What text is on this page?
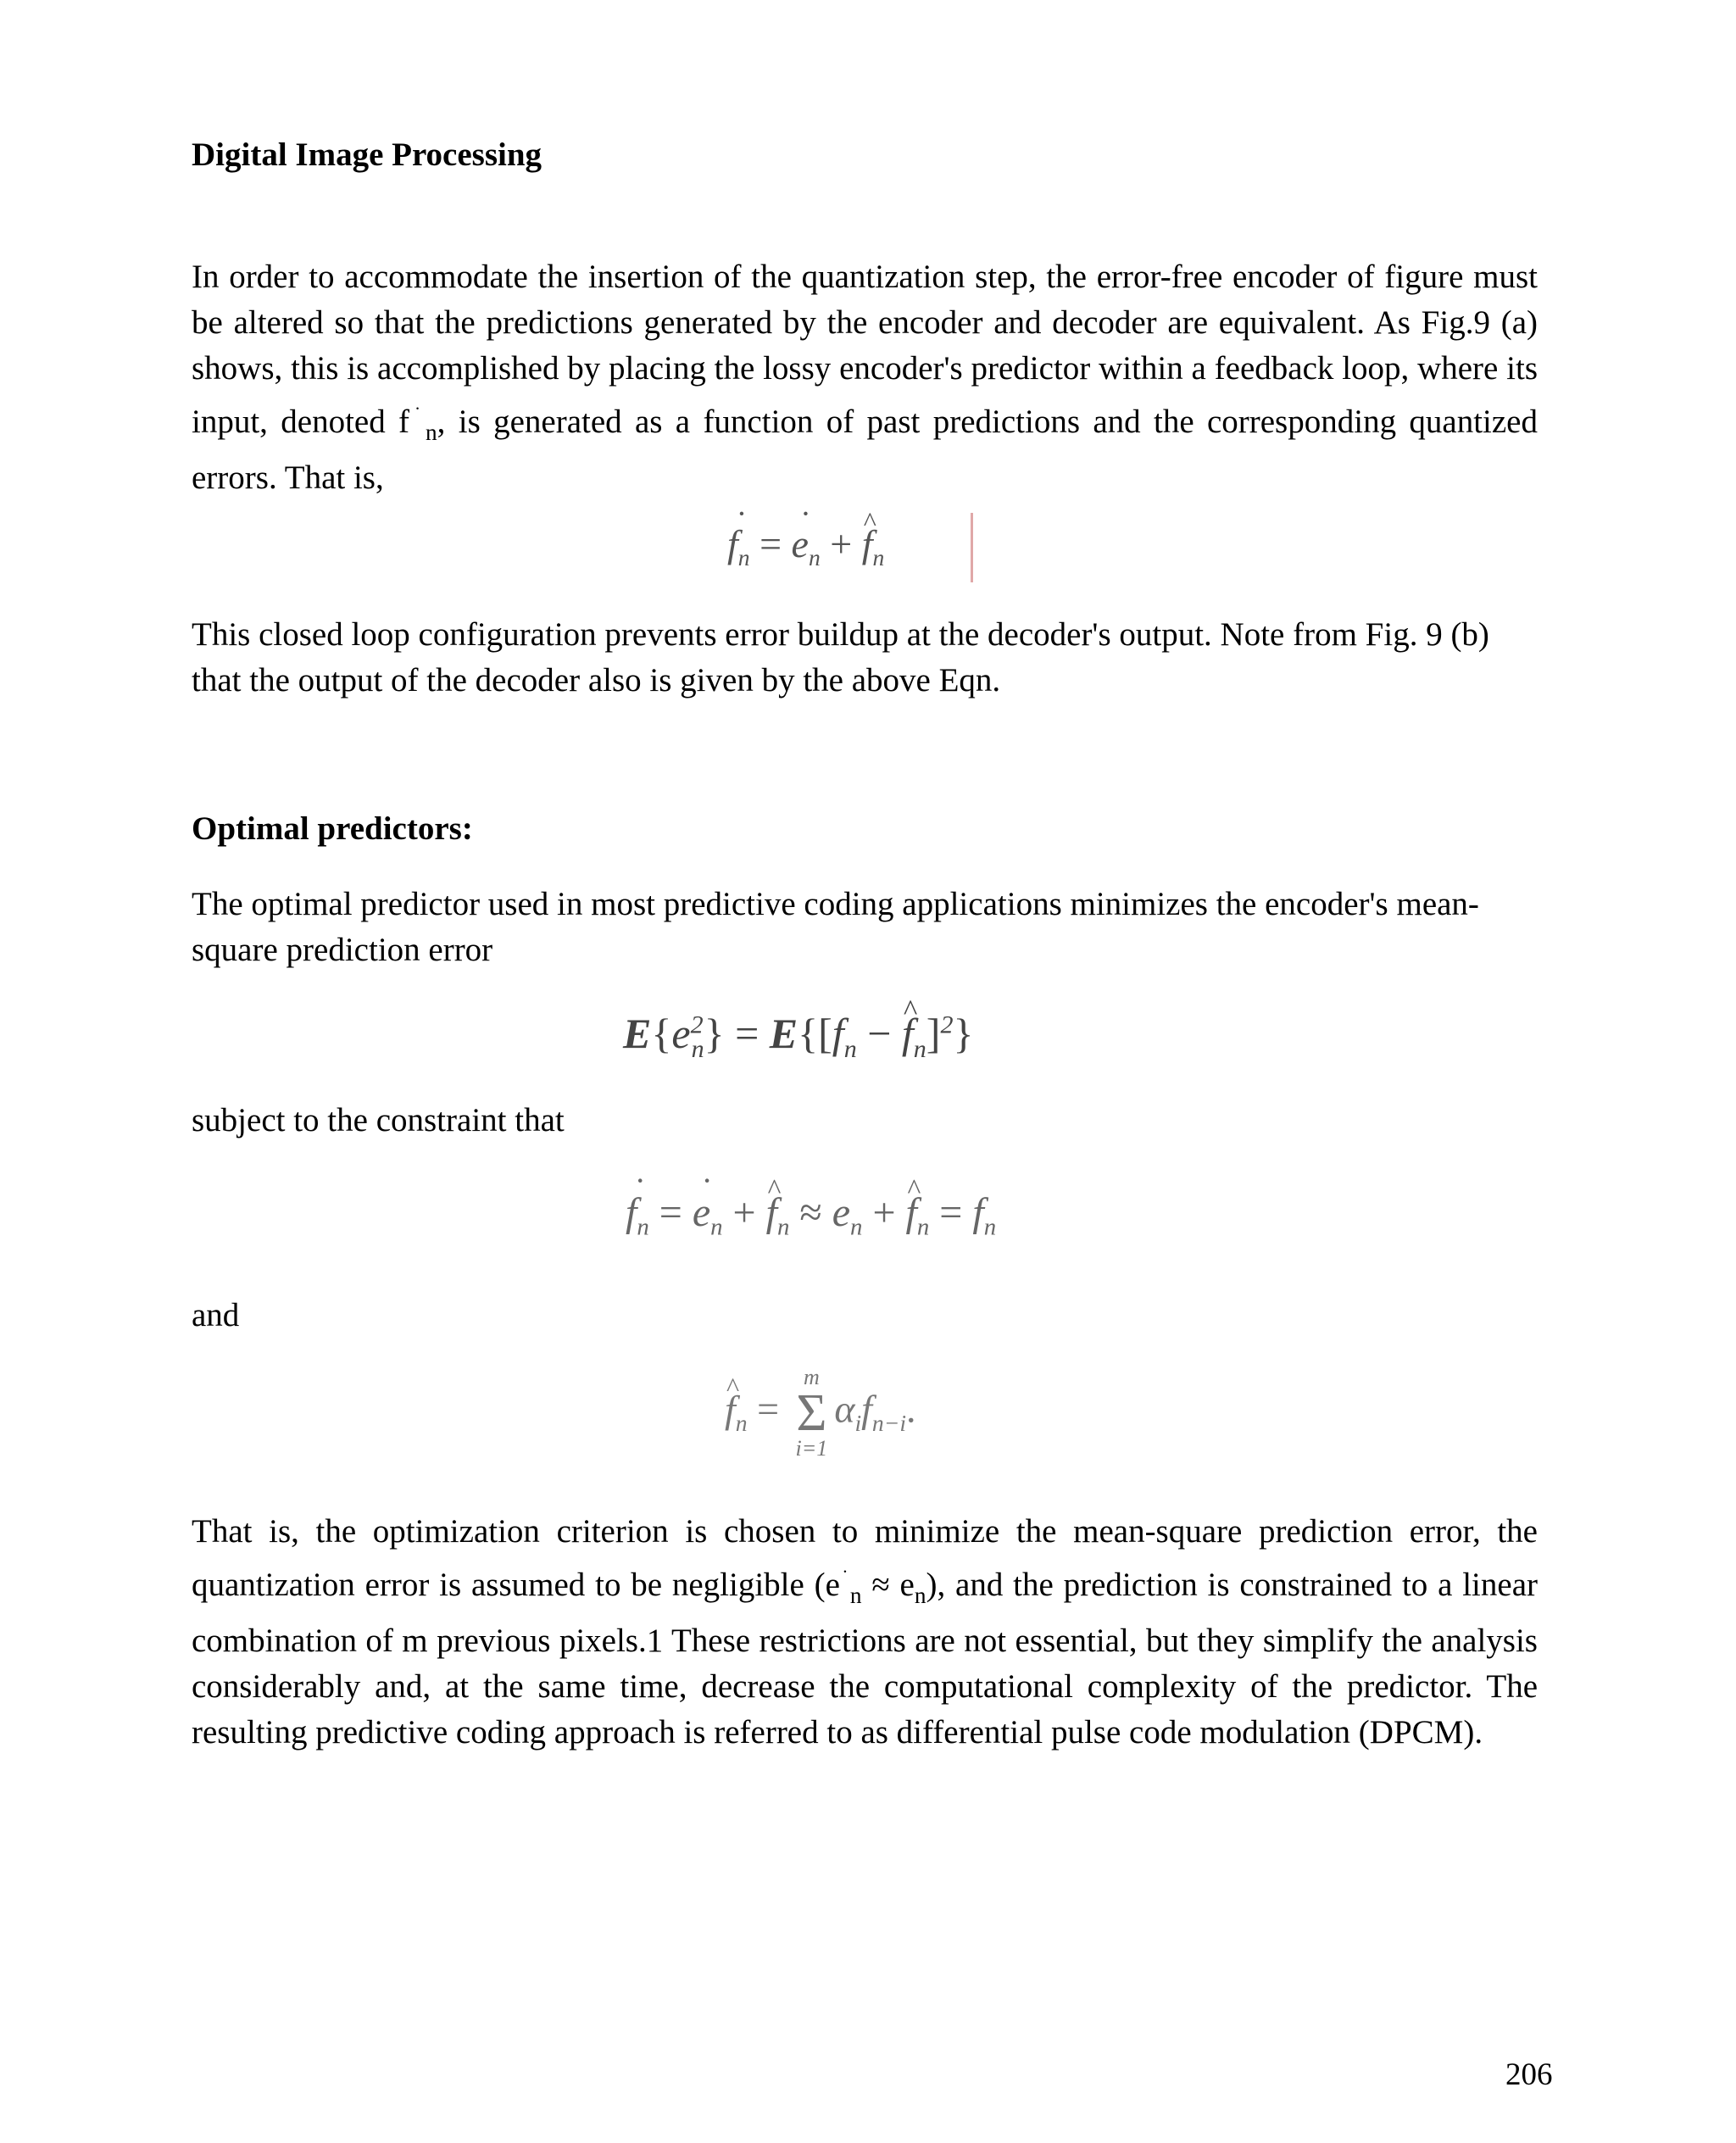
Digital Image Processing

In order to accommodate the insertion of the quantization step, the error-free encoder of figure must be altered so that the predictions generated by the encoder and decoder are equivalent. As Fig.9 (a) shows, this is accomplished by placing the lossy encoder's predictor within a feedback loop, where its input, denoted $f^˙_n$, is generated as a function of past predictions and the corresponding quantized errors. That is,

˙ $f_n$ = ˙ $e_n$ + ^ $f_n$

This closed loop configuration prevents error buildup at the decoder's output. Note from Fig. 9 (b) that the output of the decoder also is given by the above Eqn.

Optimal predictors:

The optimal predictor used in most predictive coding applications minimizes the encoder's mean-square prediction error

$E\{e^2_n\} = E\{[f_n$ − ^ $f_n]^2$}

subject to the constraint that

˙ $f_n$ = ˙ $e_n$ + ^ $f_n \approx e_n$ + ^ $f_n = f_n$

and

^ $f_n$ =
m
Σ
i=1
$\alpha_if_{n-i}$.

That is, the optimization criterion is chosen to minimize the mean-square prediction error, the quantization error is assumed to be negligible $(e^˙_n \approx e_n)$, and the prediction is constrained to a linear combination of m previous pixels.1 These restrictions are not essential, but they simplify the analysis considerably and, at the same time, decrease the computational complexity of the predictor. The resulting predictive coding approach is referred to as differential pulse code modulation (DPCM).

206
